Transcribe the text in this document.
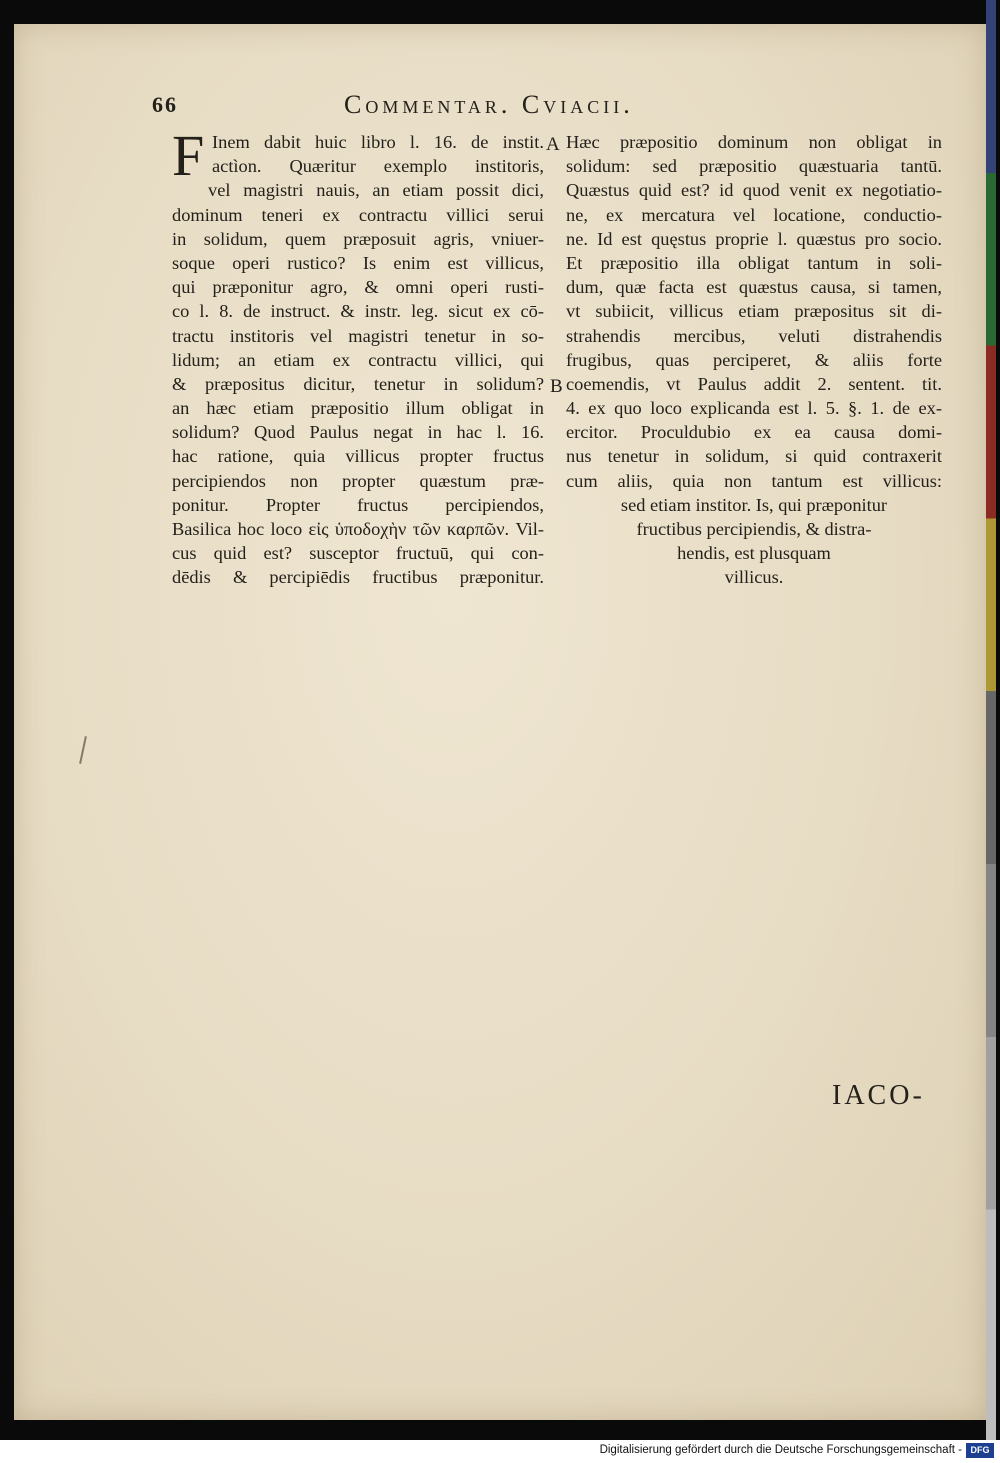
66	Commentar. Cviacii.
F Inem dabit huic libro l. 16. de instit.
actìon. Quæritur exemplo institoris,
vel magistri nauis, an etiam possit dici,
dominum teneri ex contractu villici serui
in solidum, quem præposuit agris, vniuer-
soque operi rustico? Is enim est villicus,
qui præponitur agro, & omni operi rusti-
co l. 8. de instruct. & instr. leg. sicut ex cō-
tractu institoris vel magistri tenetur in so-
lidum; an etiam ex contractu villici, qui
& præpositus dicitur, tenetur in solidum?
an hæc etiam præpositio illum obligat in
solidum? Quod Paulus negat in hac l. 16.
hac ratione, quia villicus propter fructus
percipiendos non propter quæstum præ-
ponitur. Propter fructus percipiendos,
Basilica hoc loco εἰς ὑποδοχὴν τῶν καρπῶν. Vil-
cus quid est? susceptor fructuū, qui con-
dēdis & percipiēdis fructibus præponitur.
A
B
Hæc præpositio dominum non obligat in
solidum: sed præpositio quæstuaria tantū.
Quæstus quid est? id quod venit ex negotiatio-
ne, ex mercatura vel locatione, conductio-
ne. Id est quęstus proprie l. quæstus pro socio.
Et præpositio illa obligat tantum in soli-
dum, quæ facta est quæstus causa, si tamen,
vt subiicit, villicus etiam præpositus sit di-
strahendis mercibus, veluti distrahendis
frugibus, quas perciperet, & aliis forte
coemendis, vt Paulus addit 2. sentent. tit.
4. ex quo loco explicanda est l. 5. §. 1. de ex-
ercitor. Proculdubio ex ea causa domi-
nus tenetur in solidum, si quid contraxerit
cum aliis, quia non tantum est villicus:
sed etiam institor. Is, qui præponitur
fructibus percipiendis, & distra-
hendis, est plusquam
villicus.
IACO-
Digitalisierung gefördert durch die Deutsche Forschungsgemeinschaft - DFG
